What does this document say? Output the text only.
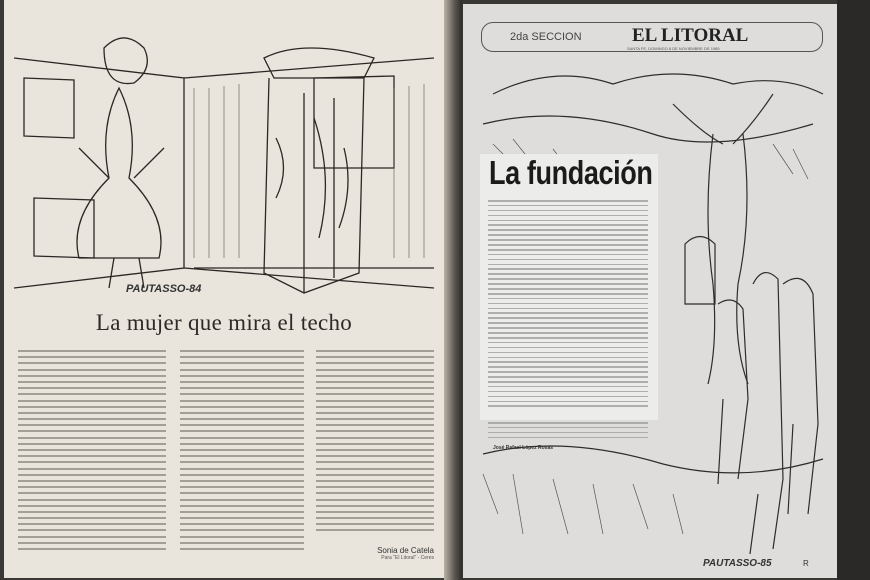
PAUTASSO-84
La mujer que mira el techo
Sonia de Catela
Para "El Litoral" - Ceres
2da SECCION	EL LITORAL
SANTA FE, DOMINGO 8 DE NOVIEMBRE DE 1985
PAUTASSO-85	R
La fundación
José Rafael López Rosas
